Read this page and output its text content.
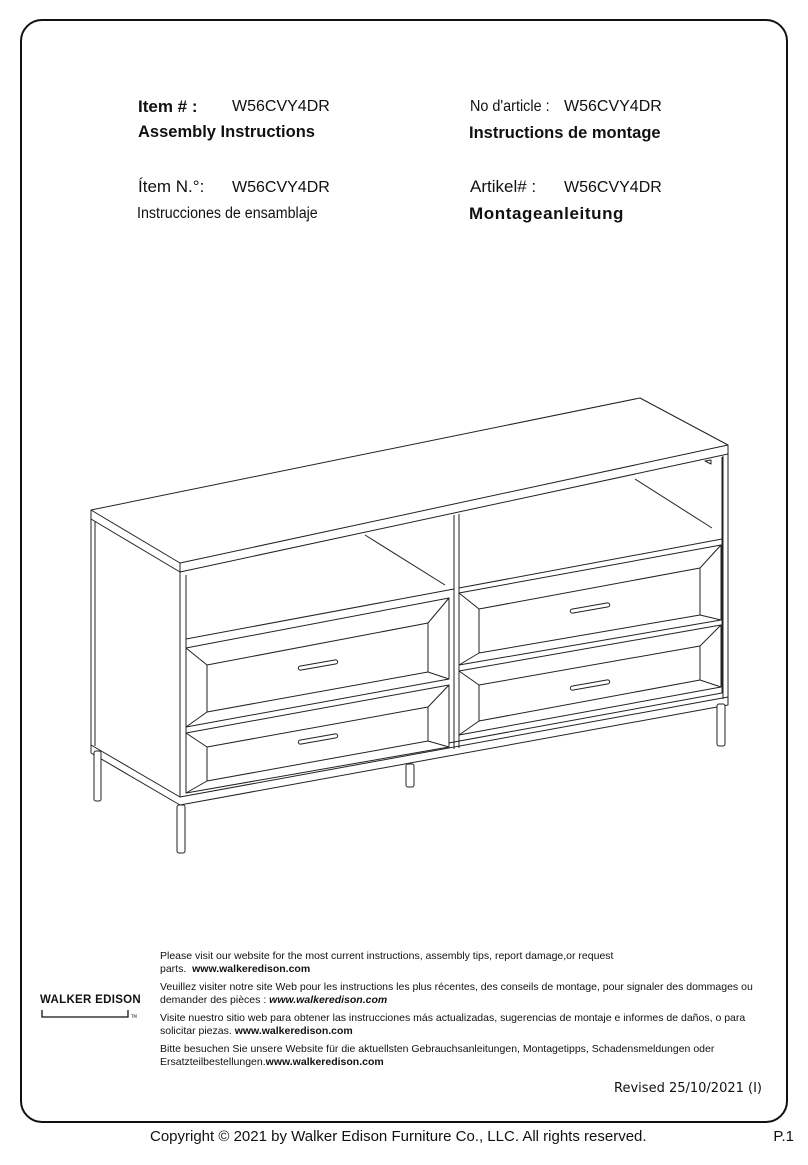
Item # : W56CVY4DR
Assembly Instructions
No d'article : W56CVY4DR
Instructions de montage
Ítem N.°: W56CVY4DR
Instrucciones de ensamblaje
Artikel# : W56CVY4DR
Montageanleitung

Please visit our website for the most current instructions, assembly tips, report damage,or request parts. www.walkeredison.com

Veuillez visiter notre site Web pour les instructions les plus récentes, des conseils de montage, pour signaler des dommages ou demander des pièces : www.walkeredison.com

Visite nuestro sitio web para obtener las instrucciones más actualizadas, sugerencias de montaje e informes de daños, o para solicitar piezas. www.walkeredison.com

Bitte besuchen Sie unsere Website für die aktuellsten Gebrauchsanleitungen, Montagetipps, Schadensmeldungen oder Ersatzteilbestellungen.www.walkeredison.com

WALKER EDISON
TM
Revised 25/10/2021 (I)
Copyright © 2021 by Walker Edison Furniture Co., LLC. All rights reserved.	P.1
